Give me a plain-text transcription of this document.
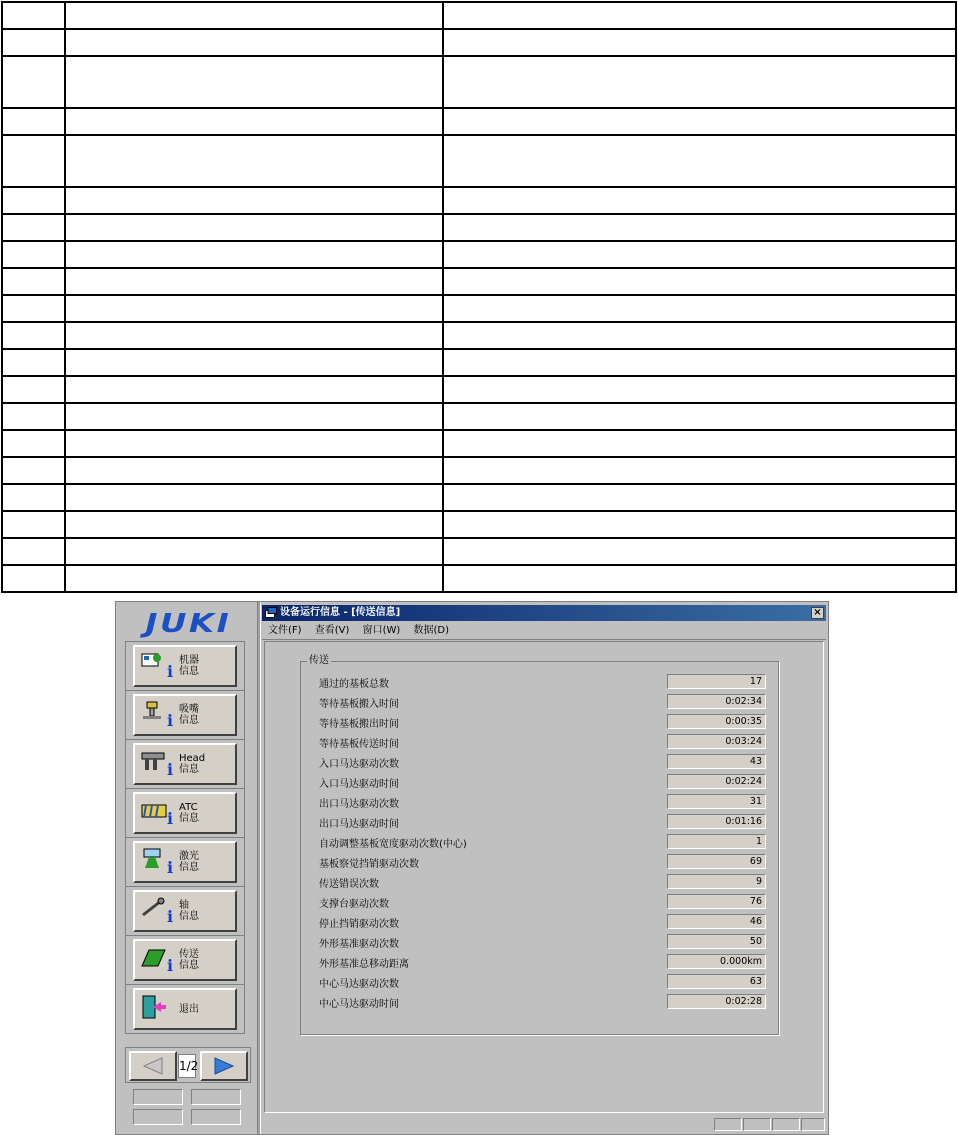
JUKI
i
机器
信息
i
吸嘴
信息
i
Head
信息
i
ATC
信息
i
激光
信息
i
轴
信息
i
传送
信息
退出
1/2
设备运行信息 - [传送信息]	×
文件(F) 查看(V) 窗口(W) 数据(D)
传送
通过的基板总数	17
等待基板搬入时间	0:02:34
等待基板搬出时间	0:00:35
等待基板传送时间	0:03:24
入口马达驱动次数	43
入口马达驱动时间	0:02:24
出口马达驱动次数	31
出口马达驱动时间	0:01:16
自动调整基板宽度驱动次数(中心)	1
基板察觉挡销驱动次数	69
传送错误次数	9
支撑台驱动次数	76
停止挡销驱动次数	46
外形基准驱动次数	50
外形基准总移动距离	0.000km
中心马达驱动次数	63
中心马达驱动时间	0:02:28
